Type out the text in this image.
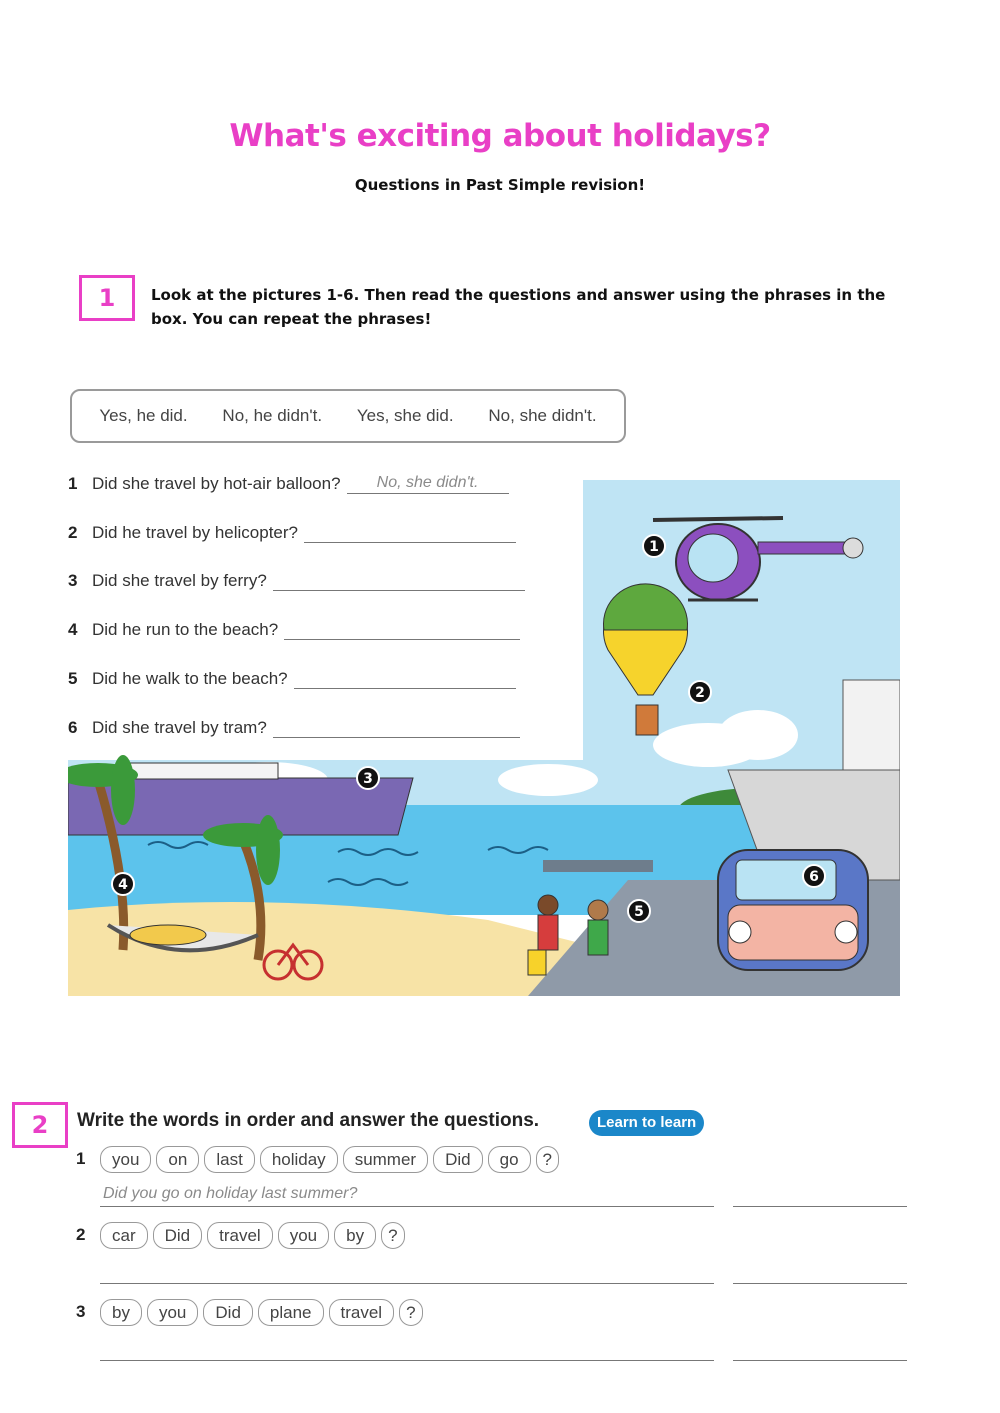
What's exciting about holidays?
Questions in Past Simple revision!
1	Look at the pictures 1-6. Then read the questions and answer using the phrases in the
box. You can repeat the phrases!
Yes, he did. No, he didn't. Yes, she did. No, she didn't.
1
2
3
4
5
6
1 Did she travel by hot-air balloon?	No, she didn't.
2 Did he travel by helicopter?
3 Did she travel by ferry?
4 Did he run to the beach?
5 Did he walk to the beach?
6 Did she travel by tram?
2	Write the words in order and answer the questions.	Learn to learn
1	you	on	last	holiday	summer	Did	go	?
Did you go on holiday last summer?
2	car	Did	travel	you	by	?
3	by	you	Did	plane	travel	?
